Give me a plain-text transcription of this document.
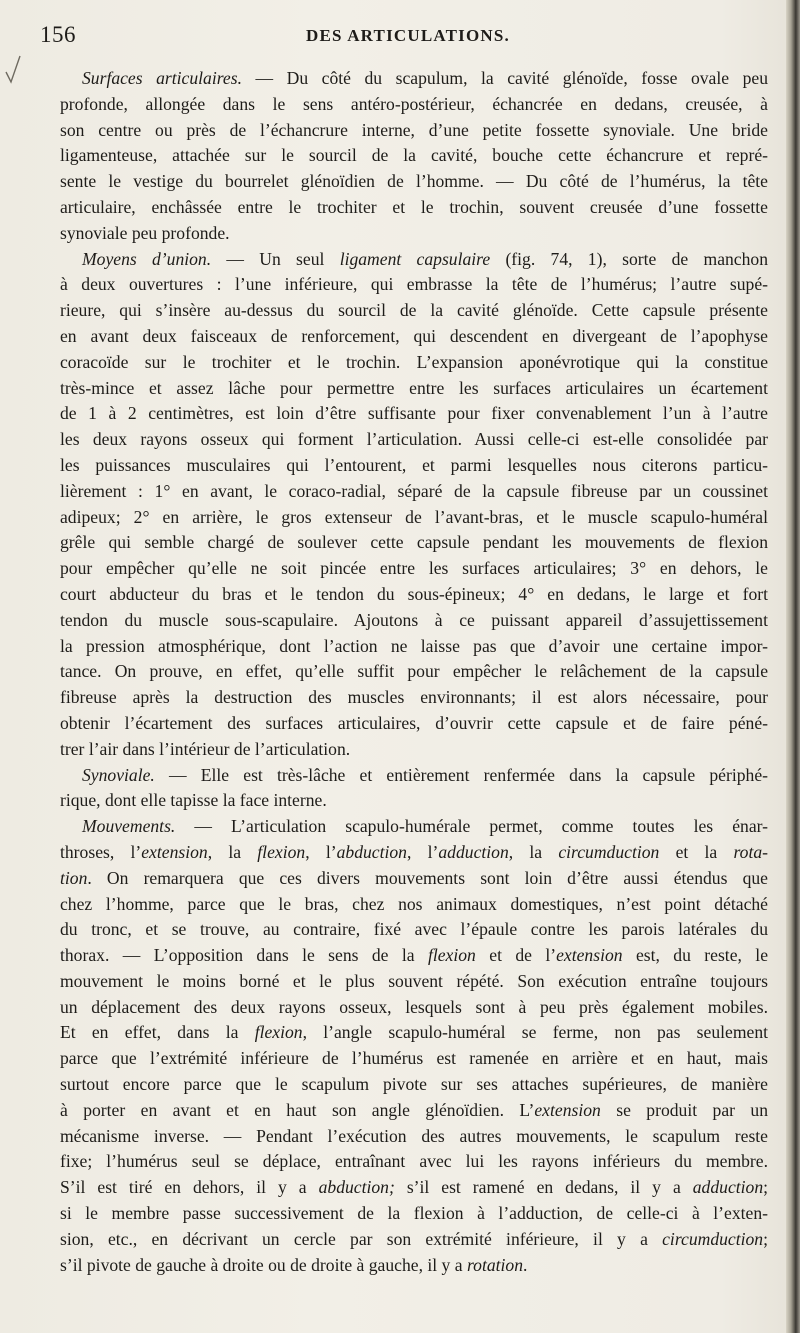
156	DES ARTICULATIONS.
Surfaces articulaires. — Du côté du scapulum, la cavité glénoïde, fosse ovale peu
profonde, allongée dans le sens antéro-postérieur, échancrée en dedans, creusée, à
son centre ou près de l’échancrure interne, d’une petite fossette synoviale. Une bride
ligamenteuse, attachée sur le sourcil de la cavité, bouche cette échancrure et repré-
sente le vestige du bourrelet glénoïdien de l’homme. — Du côté de l’humérus, la tête
articulaire, enchâssée entre le trochiter et le trochin, souvent creusée d’une fossette
synoviale peu profonde.
Moyens d’union. — Un seul ligament capsulaire (fig. 74, 1), sorte de manchon
à deux ouvertures : l’une inférieure, qui embrasse la tête de l’humérus; l’autre supé-
rieure, qui s’insère au-dessus du sourcil de la cavité glénoïde. Cette capsule présente
en avant deux faisceaux de renforcement, qui descendent en divergeant de l’apophyse
coracoïde sur le trochiter et le trochin. L’expansion aponévrotique qui la constitue
très-mince et assez lâche pour permettre entre les surfaces articulaires un écartement
de 1 à 2 centimètres, est loin d’être suffisante pour fixer convenablement l’un à l’autre
les deux rayons osseux qui forment l’articulation. Aussi celle-ci est-elle consolidée par
les puissances musculaires qui l’entourent, et parmi lesquelles nous citerons particu-
lièrement : 1° en avant, le coraco-radial, séparé de la capsule fibreuse par un coussinet
adipeux; 2° en arrière, le gros extenseur de l’avant-bras, et le muscle scapulo-huméral
grêle qui semble chargé de soulever cette capsule pendant les mouvements de flexion
pour empêcher qu’elle ne soit pincée entre les surfaces articulaires; 3° en dehors, le
court abducteur du bras et le tendon du sous-épineux; 4° en dedans, le large et fort
tendon du muscle sous-scapulaire. Ajoutons à ce puissant appareil d’assujettissement
la pression atmosphérique, dont l’action ne laisse pas que d’avoir une certaine impor-
tance. On prouve, en effet, qu’elle suffit pour empêcher le relâchement de la capsule
fibreuse après la destruction des muscles environnants; il est alors nécessaire, pour
obtenir l’écartement des surfaces articulaires, d’ouvrir cette capsule et de faire péné-
trer l’air dans l’intérieur de l’articulation.
Synoviale. — Elle est très-lâche et entièrement renfermée dans la capsule périphé-
rique, dont elle tapisse la face interne.
Mouvements. — L’articulation scapulo-humérale permet, comme toutes les énar-
throses, l’extension, la flexion, l’abduction, l’adduction, la circumduction et la rota-
tion. On remarquera que ces divers mouvements sont loin d’être aussi étendus que
chez l’homme, parce que le bras, chez nos animaux domestiques, n’est point détaché
du tronc, et se trouve, au contraire, fixé avec l’épaule contre les parois latérales du
thorax. — L’opposition dans le sens de la flexion et de l’extension est, du reste, le
mouvement le moins borné et le plus souvent répété. Son exécution entraîne toujours
un déplacement des deux rayons osseux, lesquels sont à peu près également mobiles.
Et en effet, dans la flexion, l’angle scapulo-huméral se ferme, non pas seulement
parce que l’extrémité inférieure de l’humérus est ramenée en arrière et en haut, mais
surtout encore parce que le scapulum pivote sur ses attaches supérieures, de manière
à porter en avant et en haut son angle glénoïdien. L’extension se produit par un
mécanisme inverse. — Pendant l’exécution des autres mouvements, le scapulum reste
fixe; l’humérus seul se déplace, entraînant avec lui les rayons inférieurs du membre.
S’il est tiré en dehors, il y a abduction; s’il est ramené en dedans, il y a adduction;
si le membre passe successivement de la flexion à l’adduction, de celle-ci à l’exten-
sion, etc., en décrivant un cercle par son extrémité inférieure, il y a circumduction;
s’il pivote de gauche à droite ou de droite à gauche, il y a rotation.
